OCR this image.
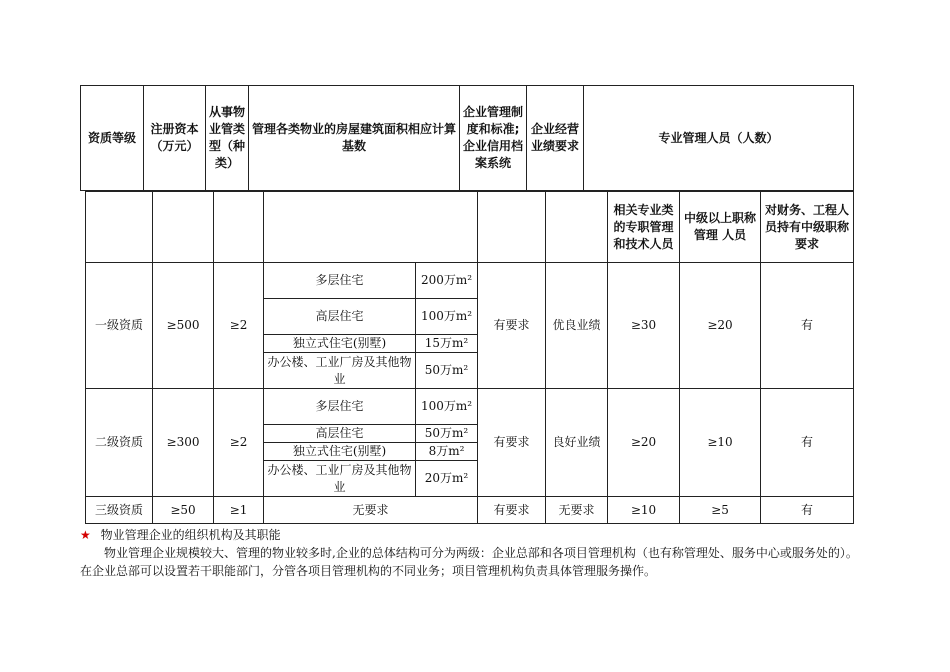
资质等级	注册资本（万元）	从事物业管类型（种类）	管理各类物业的房屋建筑面积相应计算基数	企业管理制度和标准;企业信用档案系统	企业经营业绩要求	专业管理人员（人数）
							相关专业类的专职管理和技术人员	中级以上职称管理 人员	对财务、工程人员持有中级职称要求
一级资质	≥500	≥2	多层住宅	200万m²	有要求	优良业绩	≥30	≥20	有
			高层住宅	100万m²					
			独立式住宅(别墅)	15万m²					
			办公楼、工业厂房及其他物业	50万m²					
二级资质	≥300	≥2	多层住宅	100万m²	有要求	良好业绩	≥20	≥10	有
			高层住宅	50万m²					
			独立式住宅(别墅)	8万m²					
			办公楼、工业厂房及其他物业	20万m²					
三级资质	≥50	≥1	无要求		有要求	无要求	≥10	≥5	有
★ 物业管理企业的组织机构及其职能
物业管理企业规模较大、管理的物业较多时,企业的总体结构可分为两级：企业总部和各项目管理机构（也有称管理处、服务中心或服务处的）。
在企业总部可以设置若干职能部门，分管各项目管理机构的不同业务；项目管理机构负责具体管理服务操作。
